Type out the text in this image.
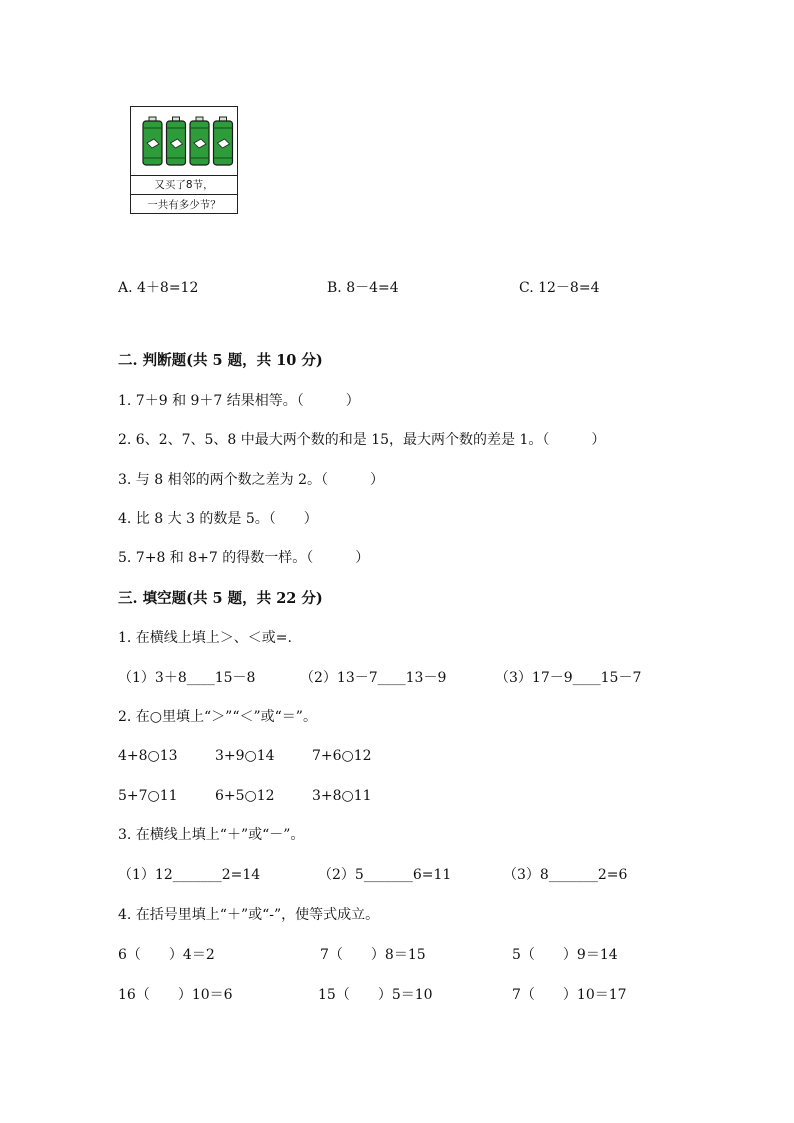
又买了8节，
一共有多少节？
A. 4＋8=12	B. 8－4=4	C. 12－8=4
二. 判断题(共 5 题，共 10 分)
1. 7＋9 和 9＋7 结果相等。（　　　）
2. 6、2、7、5、8 中最大两个数的和是 15，最大两个数的差是 1。（　　　）
3. 与 8 相邻的两个数之差为 2。（　　　）
4. 比 8 大 3 的数是 5。（　　）
5. 7+8 和 8+7 的得数一样。（　　　）
三. 填空题(共 5 题，共 22 分)
1. 在横线上填上＞、＜或=.
（1）3＋8____15－8	（2）13－7____13－9	（3）17－9____15－7
2. 在○里填上“＞”“＜”或“＝”。
4+8○13	3+9○14	7+6○12
5+7○11	6+5○12	3+8○11
3. 在横线上填上“＋”或“－”。
（1）12_______2=14	（2）5_______6=11	（3）8_______2=6
4. 在括号里填上“＋”或“-”，使等式成立。
6（　　）4＝2	7（　　）8＝15	5（　　）9＝14
16（　　）10＝6	15（　　）5＝10	7（　　）10＝17
